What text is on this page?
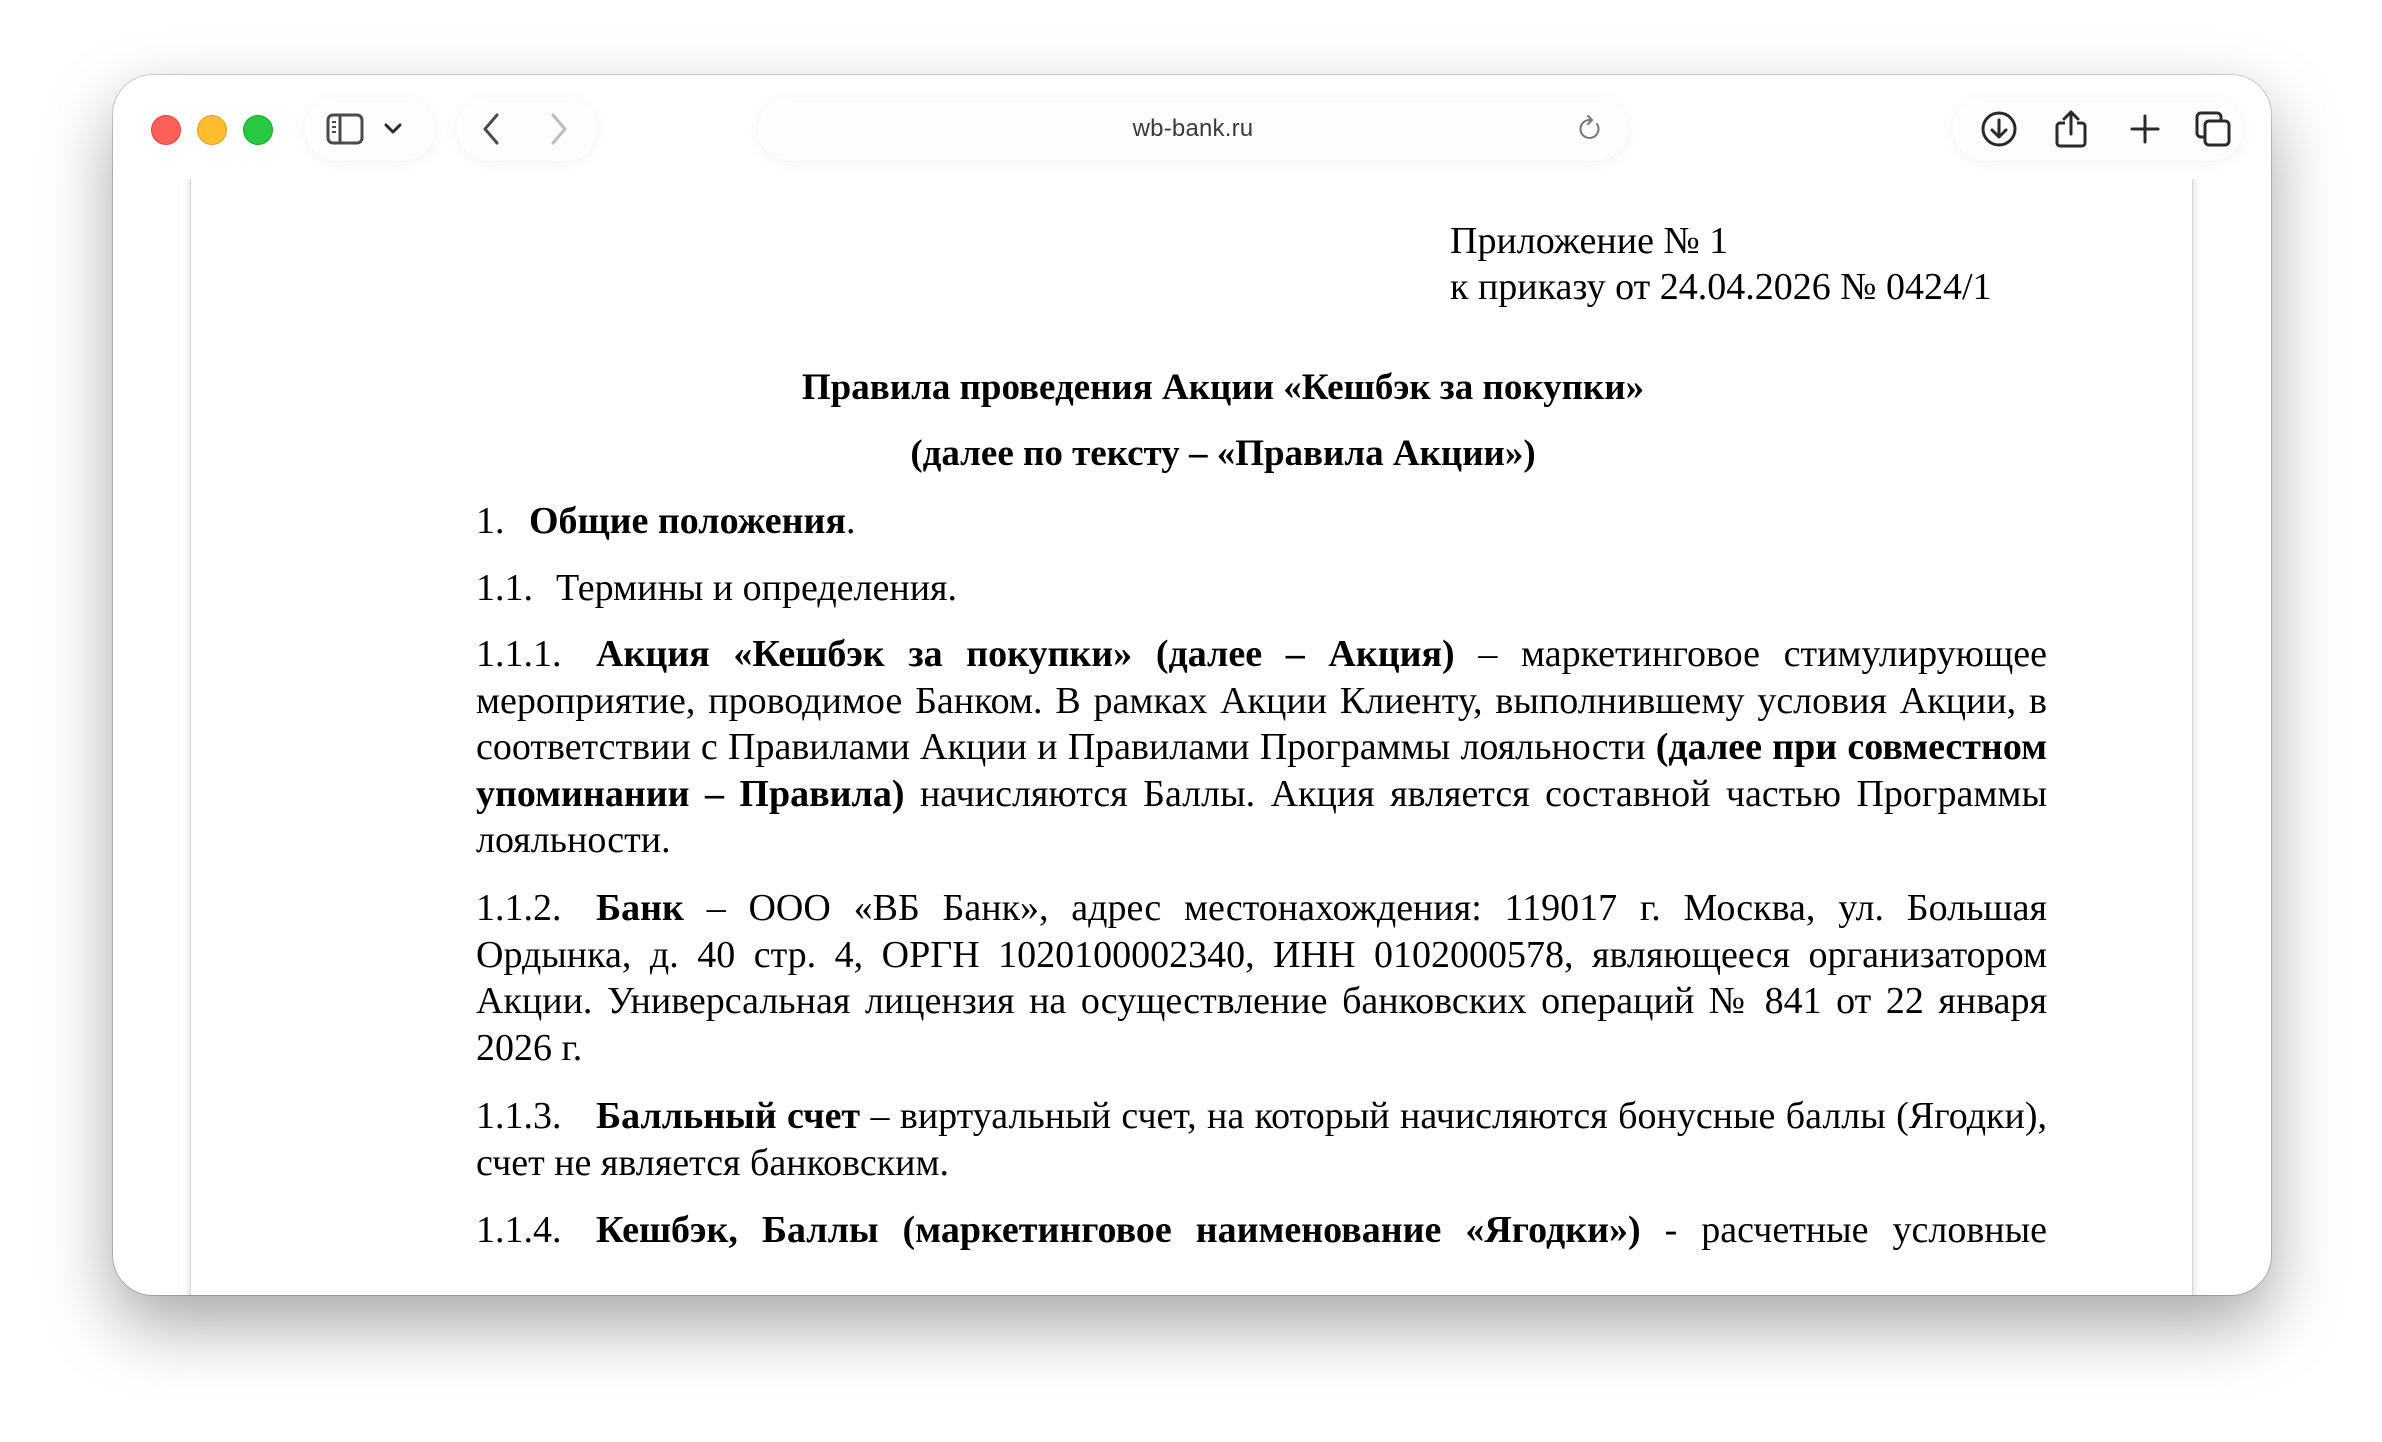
wb-bank.ru
Приложение № 1
к приказу от 24.04.2026 № 0424/1
Правила проведения Акции «Кешбэк за покупки»
(далее по тексту – «Правила Акции»)
1. Общие положения.
1.1. Термины и определения.
1.1.1. Акция «Кешбэк за покупки» (далее – Акция) – маркетинговое стимулирующее мероприятие, проводимое Банком. В рамках Акции Клиенту, выполнившему условия Акции, в соответствии с Правилами Акции и Правилами Программы лояльности (далее при совместном упоминании – Правила) начисляются Баллы. Акция является составной частью Программы лояльности.
1.1.2. Банк – ООО «ВБ Банк», адрес местонахождения: 119017 г. Москва, ул. Большая Ордынка, д. 40 стр. 4, ОРГН 1020100002340, ИНН 0102000578, являющееся организатором Акции. Универсальная лицензия на осуществление банковских операций № 841 от 22 января 2026 г.
1.1.3. Балльный счет – виртуальный счет, на который начисляются бонусные баллы (Ягодки), счет не является банковским.
1.1.4. Кешбэк, Баллы (маркетинговое наименование «Ягодки») - расчетные условные
